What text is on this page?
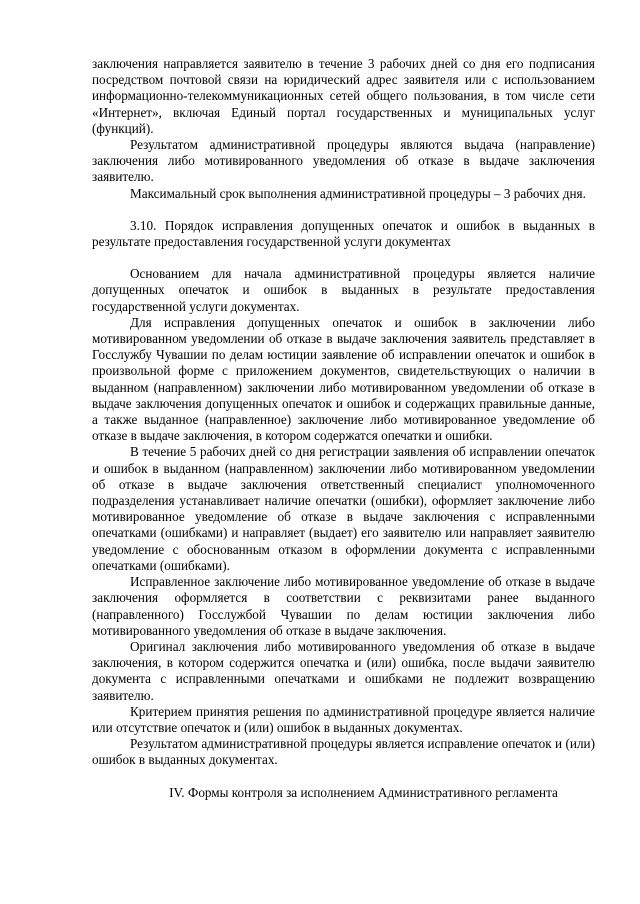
заключения направляется заявителю в течение 3 рабочих дней со дня его подписания посредством почтовой связи на юридический адрес заявителя или с использованием информационно-телекоммуникационных сетей общего пользования, в том числе сети «Интернет», включая Единый портал государственных и муниципальных услуг (функций).

Результатом административной процедуры являются выдача (направление) заключения либо мотивированного уведомления об отказе в выдаче заключения заявителю.

Максимальный срок выполнения административной процедуры – 3 рабочих дня.

3.10. Порядок исправления допущенных опечаток и ошибок в выданных в результате предоставления государственной услуги документах

Основанием для начала административной процедуры является наличие допущенных опечаток и ошибок в выданных в результате предоставления государственной услуги документах.

Для исправления допущенных опечаток и ошибок в заключении либо мотивированном уведомлении об отказе в выдаче заключения заявитель представляет в Госслужбу Чувашии по делам юстиции заявление об исправлении опечаток и ошибок в произвольной форме с приложением документов, свидетельствующих о наличии в выданном (направленном) заключении либо мотивированном уведомлении об отказе в выдаче заключения допущенных опечаток и ошибок и содержащих правильные данные, а также выданное (направленное) заключение либо мотивированное уведомление об отказе в выдаче заключения, в котором содержатся опечатки и ошибки.

В течение 5 рабочих дней со дня регистрации заявления об исправлении опечаток и ошибок в выданном (направленном) заключении либо мотивированном уведомлении об отказе в выдаче заключения ответственный специалист уполномоченного подразделения устанавливает наличие опечатки (ошибки), оформляет заключение либо мотивированное уведомление об отказе в выдаче заключения с исправленными опечатками (ошибками) и направляет (выдает) его заявителю или направляет заявителю уведомление с обоснованным отказом в оформлении документа с исправленными опечатками (ошибками).

Исправленное заключение либо мотивированное уведомление об отказе в выдаче заключения оформляется в соответствии с реквизитами ранее выданного (направленного) Госслужбой Чувашии по делам юстиции заключения либо мотивированного уведомления об отказе в выдаче заключения.

Оригинал заключения либо мотивированного уведомления об отказе в выдаче заключения, в котором содержится опечатка и (или) ошибка, после выдачи заявителю документа с исправленными опечатками и ошибками не подлежит возвращению заявителю.

Критерием принятия решения по административной процедуре является наличие или отсутствие опечаток и (или) ошибок в выданных документах.

Результатом административной процедуры является исправление опечаток и (или) ошибок в выданных документах.

IV. Формы контроля за исполнением Административного регламента
